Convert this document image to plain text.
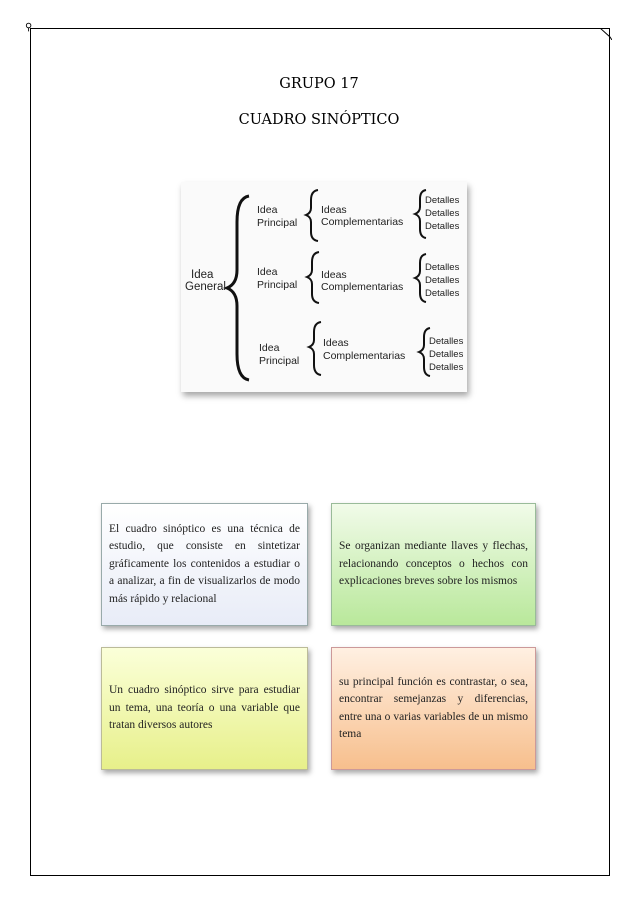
⚲
GRUPO 17
CUADRO SINÓPTICO
Idea
General
Idea
Principal
Ideas
Complementarias
Detalles
Detalles
Detalles
Idea
Principal
Ideas
Complementarias
Detalles
Detalles
Detalles
Idea
Principal
Ideas
Complementarias
Detalles
Detalles
Detalles
El cuadro sinóptico es una técnica de estudio, que consiste en sintetizar gráficamente los contenidos a estudiar o a analizar, a fin de visualizarlos de modo más rápido y relacional
Se organizan mediante llaves y flechas, relacionando conceptos o hechos con explicaciones breves sobre los mismos
Un cuadro sinóptico sirve para estudiar un tema, una teoría o una variable que tratan diversos autores
su principal función es contrastar, o sea, encontrar semejanzas y diferencias, entre una o varias variables de un mismo tema
